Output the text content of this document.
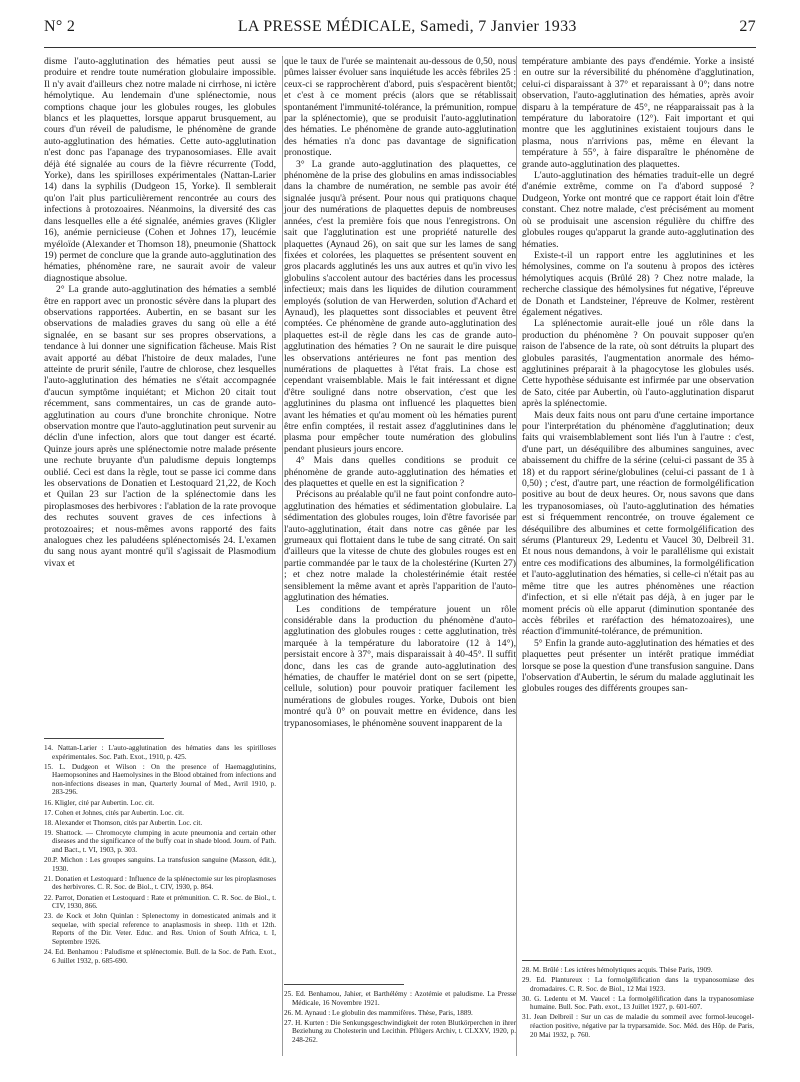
N° 2	LA PRESSE MÉDICALE, Samedi, 7 Janvier 1933	27

disme l'auto-agglutination des hématies peut aussi se produire et rendre toute numération globulaire impossible. Il n'y avait d'ailleurs chez notre malade ni cirrhose, ni ictère hémolytique. Au lendemain d'une splénectomie, nous comptions chaque jour les globules rouges, les globules blancs et les plaquettes, lorsque apparut brusquement, au cours d'un réveil de paludisme, le phénomène de grande auto-agglutination des hématies. Cette auto-agglutination n'est donc pas l'apanage des trypanosomiases. Elle avait déjà été signalée au cours de la fièvre récurrente (Todd, Yorke), dans les spirilloses expérimentales (Nattan-Larier 14) dans la syphilis (Dudgeon 15, Yorke). Il semblerait qu'on l'ait plus particulièrement rencontrée au cours des infections à protozoaires. Néanmoins, la diversité des cas dans lesquelles elle a été signalée, anémies graves (Kligler 16), anémie pernicieuse (Cohen et Johnes 17), leucémie myéloïde (Alexander et Thomson 18), pneumonie (Shattock 19) permet de conclure que la grande auto-agglutination des hématies, phénomène rare, ne saurait avoir de valeur diagnostique absolue.

2° La grande auto-agglutination des hématies a semblé être en rapport avec un pronostic sévère dans la plupart des observations rapportées. Aubertin, en se basant sur les observations de maladies graves du sang où elle a été signalée, en se basant sur ses propres observations, a tendance à lui donner une signification fâcheuse. Mais Rist avait apporté au débat l'histoire de deux malades, l'une atteinte de prurit sénile, l'autre de chlorose, chez lesquelles l'auto-agglutination des hématies ne s'était accompagnée d'aucun symptôme inquiétant; et Michon 20 citait tout récemment, sans commentaires, un cas de grande auto-agglutination au cours d'une bronchite chronique. Notre observation montre que l'auto-agglutination peut survenir au déclin d'une infection, alors que tout danger est écarté. Quinze jours après une splénectomie notre malade présente une rechute bruyante d'un paludisme depuis longtemps oublié. Ceci est dans la règle, tout se passe ici comme dans les observations de Donatien et Lestoquard 21,22, de Koch et Quilan 23 sur l'action de la splénectomie dans les piroplasmoses des herbivores : l'ablation de la rate provoque des rechutes souvent graves de ces infections à protozoaires; et nous-mêmes avons rapporté des faits analogues chez les paludéens splénectomisés 24. L'examen du sang nous ayant montré qu'il s'agissait de Plasmodium vivax et

14. Nattan-Larier : L'auto-agglutination des hématies dans les spirilloses expérimentales. Soc. Path. Exot., 1910, p. 425.
15. L. Dudgeon et Wilson : On the presence of Haemagglutinins, Haemopsonines and Haemolysines in the Blood obtained from infections and non-infections diseases in man, Quarterly Journal of Med., Avril 1910, p. 283-296.
16. Kligler, cité par Aubertin. Loc. cit.
17. Cohen et Johnes, cités par Aubertin. Loc. cit.
18. Alexander et Thomson, cités par Aubertin. Loc. cit.
19. Shattock. — Chromocyte clumping in acute pneumonia and certain other diseases and the significance of the buffy coat in shade blood. Journ. of Path. and Bact., t. VI, 1903, p. 303.
20.P. Michon : Les groupes sanguins. La transfusion sanguine (Masson, édit.), 1930.
21. Donatien et Lestoquard : Influence de la splénectomie sur les piroplasmoses des herbivores. C. R. Soc. de Biol., t. CIV, 1930, p. 864.
22. Parrot, Donatien et Lestoquard : Rate et prémunition. C. R. Soc. de Biol., t. CIV, 1930, 866.
23. de Kock et John Quinlan : Splenectomy in domesticated animals and it sequelae, with special reference to anaplasmosis in sheep. 11th et 12th. Reports of the Dir. Veter. Educ. and Res. Union of South Africa, t. I, Septembre 1926.
24. Ed. Benhamou : Paludisme et splénectomie. Bull. de la Soc. de Path. Exot., 6 Juillet 1932, p. 685-690.

que le taux de l'urée se maintenait au-dessous de 0,50, nous pûmes laisser évoluer sans inquiétude les accès fébriles 25 : ceux-ci se rapprochèrent d'abord, puis s'espacèrent bientôt; et c'est à ce moment précis (alors que se rétablissait spontanément l'immunité-tolérance, la prémunition, rompue par la splénectomie), que se produisit l'auto-agglutination des hématies. Le phénomène de grande auto-agglutination des hématies n'a donc pas davantage de signification pronostique.

3° La grande auto-agglutination des plaquettes, ce phénomène de la prise des globulins en amas indissociables dans la chambre de numération, ne semble pas avoir été signalée jusqu'à présent. Pour nous qui pratiquons chaque jour des numérations de plaquettes depuis de nombreuses années, c'est la première fois que nous l'enregistrons. On sait que l'agglutination est une propriété naturelle des plaquettes (Aynaud 26), on sait que sur les lames de sang fixées et colorées, les plaquettes se présentent souvent en gros placards agglutinés les uns aux autres et qu'in vivo les globulins s'accolent autour des bactéries dans les processus infectieux; mais dans les liquides de dilution couramment employés (solution de van Herwerden, solution d'Achard et Aynaud), les plaquettes sont dissociables et peuvent être comptées. Ce phénomène de grande auto-agglutination des plaquettes est-il de règle dans les cas de grande auto-agglutination des hématies ? On ne saurait le dire puisque les observations antérieures ne font pas mention des numérations de plaquettes à l'état frais. La chose est cependant vraisemblable. Mais le fait intéressant et digne d'être souligné dans notre observation, c'est que les agglutinines du plasma ont influencé les plaquettes bien avant les hématies et qu'au moment où les hématies purent être enfin comptées, il restait assez d'agglutinines dans le plasma pour empêcher toute numération des globulins pendant plusieurs jours encore.

4° Mais dans quelles conditions se produit ce phénomène de grande auto-agglutination des hématies et des plaquettes et quelle en est la signification ?

Précisons au préalable qu'il ne faut point confondre auto-agglutination des hématies et sédimentation globulaire. La sédimentation des globules rouges, loin d'être favorisée par l'auto-agglutination, était dans notre cas gênée par les grumeaux qui flottaient dans le tube de sang citraté. On sait d'ailleurs que la vitesse de chute des globules rouges est en partie commandée par le taux de la cholestérine (Kurten 27) ; et chez notre malade la cholestérinémie était restée sensiblement la même avant et après l'apparition de l'auto-agglutination des hématies.

Les conditions de température jouent un rôle considérable dans la production du phénomène d'auto-agglutination des globules rouges : cette agglutination, très marquée à la température du laboratoire (12 à 14°), persistait encore à 37°, mais disparaissait à 40-45°. Il suffit donc, dans les cas de grande auto-agglutination des hématies, de chauffer le matériel dont on se sert (pipette, cellule, solution) pour pouvoir pratiquer facilement les numérations de globules rouges. Yorke, Dubois ont bien montré qu'à 0° on pouvait mettre en évidence, dans les trypanosomiases, le phénomène souvent inapparent de la

25. Ed. Benhamou, Jahier, et Barthélémy : Azotémie et paludisme. La Presse Médicale, 16 Novembre 1921.
26. M. Aynaud : Le globulin des mammifères. Thèse, Paris, 1889.
27. H. Kurten : Die Senkungsgeschwindigkeit der roten Blutkörperchen in ihrer Beziehung zu Cholesterin und Lecithin. Pflügers Archiv, t. CLXXV, 1920, p. 248-262.

température ambiante des pays d'endémie. Yorke a insisté en outre sur la réversibilité du phénomène d'agglutination, celui-ci disparaissant à 37° et reparaissant à 0°; dans notre observation, l'auto-agglutination des hématies, après avoir disparu à la température de 45°, ne réapparaissait pas à la température du laboratoire (12°). Fait important et qui montre que les agglutinines existaient toujours dans le plasma, nous n'arrivions pas, même en élevant la température à 55°, à faire disparaître le phénomène de grande auto-agglutination des plaquettes.

L'auto-agglutination des hématies traduit-elle un degré d'anémie extrême, comme on l'a d'abord supposé ? Dudgeon, Yorke ont montré que ce rapport était loin d'être constant. Chez notre malade, c'est précisément au moment où se produisait une ascension régulière du chiffre des globules rouges qu'apparut la grande auto-agglutination des hématies.

Existe-t-il un rapport entre les agglutinines et les hémolysines, comme on l'a soutenu à propos des ictères hémolytiques acquis (Brûlé 28) ? Chez notre malade, la recherche classique des hémolysines fut négative, l'épreuve de Donath et Landsteiner, l'épreuve de Kolmer, restèrent également négatives.

La splénectomie aurait-elle joué un rôle dans la production du phénomène ? On pouvait supposer qu'en raison de l'absence de la rate, où sont détruits la plupart des globules parasités, l'augmentation anormale des hémo-agglutinines préparait à la phagocytose les globules usés. Cette hypothèse séduisante est infirmée par une observation de Sato, citée par Aubertin, où l'auto-agglutination disparut après la splénectomie.

Mais deux faits nous ont paru d'une certaine importance pour l'interprétation du phénomène d'agglutination; deux faits qui vraisemblablement sont liés l'un à l'autre : c'est, d'une part, un déséquilibre des albumines sanguines, avec abaissement du chiffre de la sérine (celui-ci passant de 35 à 18) et du rapport sérine/globulines (celui-ci passant de 1 à 0,50) ; c'est, d'autre part, une réaction de formolgélification positive au bout de deux heures. Or, nous savons que dans les trypanosomiases, où l'auto-agglutination des hématies est si fréquemment rencontrée, on trouve également ce déséquilibre des albumines et cette formolgélification des sérums (Plantureux 29, Ledentu et Vaucel 30, Delbreil 31. Et nous nous demandons, à voir le parallélisme qui existait entre ces modifications des albumines, la formolgélification et l'auto-agglutination des hématies, si celle-ci n'était pas au même titre que les autres phénomènes une réaction d'infection, et si elle n'était pas déjà, à en juger par le moment précis où elle apparut (diminution spontanée des accès fébriles et raréfaction des hématozoaires), une réaction d'immunité-tolérance, de prémunition.

5° Enfin la grande auto-agglutination des hématies et des plaquettes peut présenter un intérêt pratique immédiat lorsque se pose la question d'une transfusion sanguine. Dans l'observation d'Aubertin, le sérum du malade agglutinait les globules rouges des différents groupes san-

28. M. Brûlé : Les ictères hémolytiques acquis. Thèse Paris, 1909.
29. Ed. Plantureux : La formolgélification dans la trypanosomiase des dromadaires. C. R. Soc. de Biol., 12 Mai 1923.
30. G. Ledentu et M. Vaucel : La formolgélification dans la trypanosomiase humaine. Bull. Soc. Path. exot., 13 Juillet 1927, p. 601-607.
31. Jean Delbreil : Sur un cas de maladie du sommeil avec formol-leucogel-réaction positive, négative par la tryparsamide. Soc. Méd. des Hôp. de Paris, 20 Mai 1932, p. 760.
